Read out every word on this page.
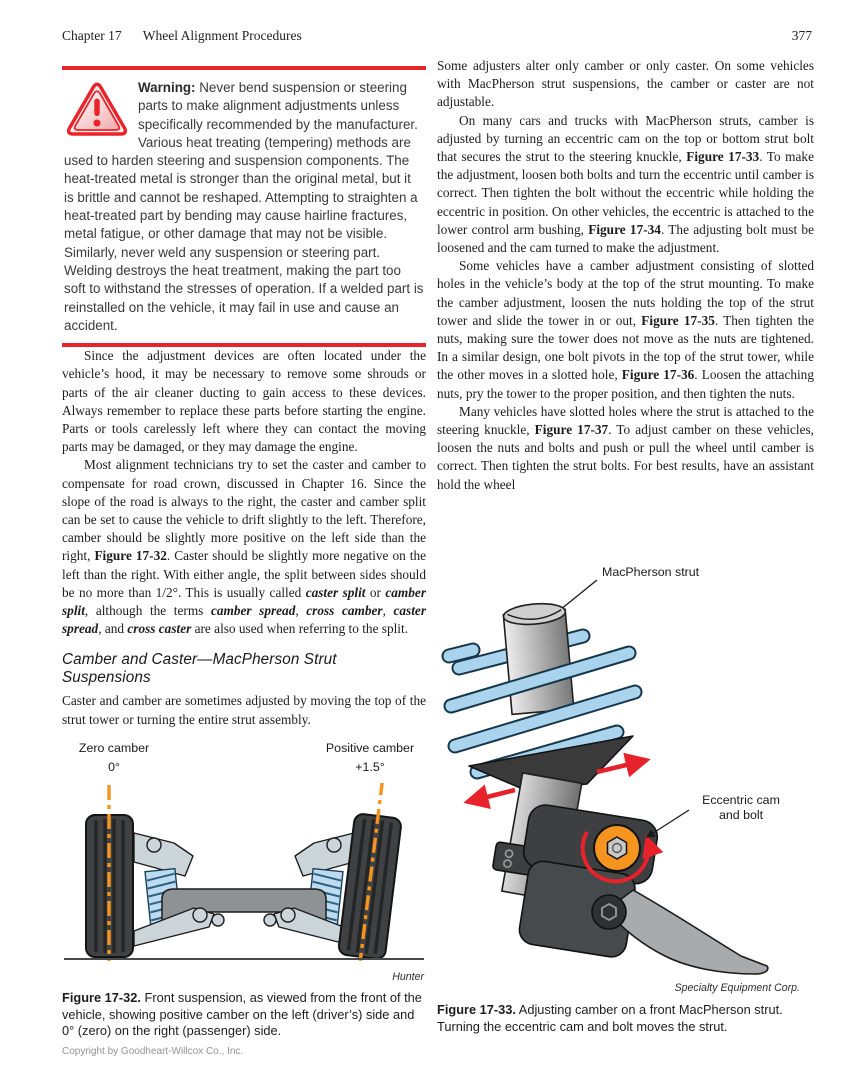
Chapter 17 Wheel Alignment Procedures	377

Warning: Never bend suspension or steering parts to make alignment adjustments unless specifically recommended by the manufacturer. Various heat treating (tempering) methods are used to harden steering and suspension components. The heat-treated metal is stronger than the original metal, but it is brittle and cannot be reshaped. Attempting to straighten a heat-treated part by bending may cause hairline fractures, metal fatigue, or other damage that may not be visible. Similarly, never weld any suspension or steering part. Welding destroys the heat treatment, making the part too soft to withstand the stresses of operation. If a welded part is reinstalled on the vehicle, it may fail in use and cause an accident.

Since the adjustment devices are often located under the vehicle’s hood, it may be necessary to remove some shrouds or parts of the air cleaner ducting to gain access to these devices. Always remember to replace these parts before starting the engine. Parts or tools carelessly left where they can contact the moving parts may be damaged, or they may damage the engine.

Most alignment technicians try to set the caster and camber to compensate for road crown, discussed in Chapter 16. Since the slope of the road is always to the right, the caster and camber split can be set to cause the vehicle to drift slightly to the left. Therefore, camber should be slightly more positive on the left side than the right, Figure 17-32. Caster should be slightly more negative on the left than the right. With either angle, the split between sides should be no more than 1/2°. This is usually called caster split or camber split, although the terms camber spread, cross camber, caster spread, and cross caster are also used when referring to the split.

Camber and Caster—MacPherson Strut Suspensions

Caster and camber are sometimes adjusted by moving the top of the strut tower or turning the entire strut assembly.

Zero camber
0°
Positive camber
+1.5°
Hunter
Figure 17-32. Front suspension, as viewed from the front of the vehicle, showing positive camber on the left (driver’s) side and 0° (zero) on the right (passenger) side.

Some adjusters alter only camber or only caster. On some vehicles with MacPherson strut suspensions, the camber or caster are not adjustable.

On many cars and trucks with MacPherson struts, camber is adjusted by turning an eccentric cam on the top or bottom strut bolt that secures the strut to the steering knuckle, Figure 17-33. To make the adjustment, loosen both bolts and turn the eccentric until camber is correct. Then tighten the bolt without the eccentric while holding the eccentric in position. On other vehicles, the eccentric is attached to the lower control arm bushing, Figure 17-34. The adjusting bolt must be loosened and the cam turned to make the adjustment.

Some vehicles have a camber adjustment consisting of slotted holes in the vehicle’s body at the top of the strut mounting. To make the camber adjustment, loosen the nuts holding the top of the strut tower and slide the tower in or out, Figure 17-35. Then tighten the nuts, making sure the tower does not move as the nuts are tightened. In a similar design, one bolt pivots in the top of the strut tower, while the other moves in a slotted hole, Figure 17-36. Loosen the attaching nuts, pry the tower to the proper position, and then tighten the nuts.

Many vehicles have slotted holes where the strut is attached to the steering knuckle, Figure 17-37. To adjust camber on these vehicles, loosen the nuts and bolts and push or pull the wheel until camber is correct. Then tighten the strut bolts. For best results, have an assistant hold the wheel

MacPherson strut
Eccentric cam
and bolt
Specialty Equipment Corp.
Figure 17-33. Adjusting camber on a front MacPherson strut. Turning the eccentric cam and bolt moves the strut.
Copyright by Goodheart-Willcox Co., Inc.
